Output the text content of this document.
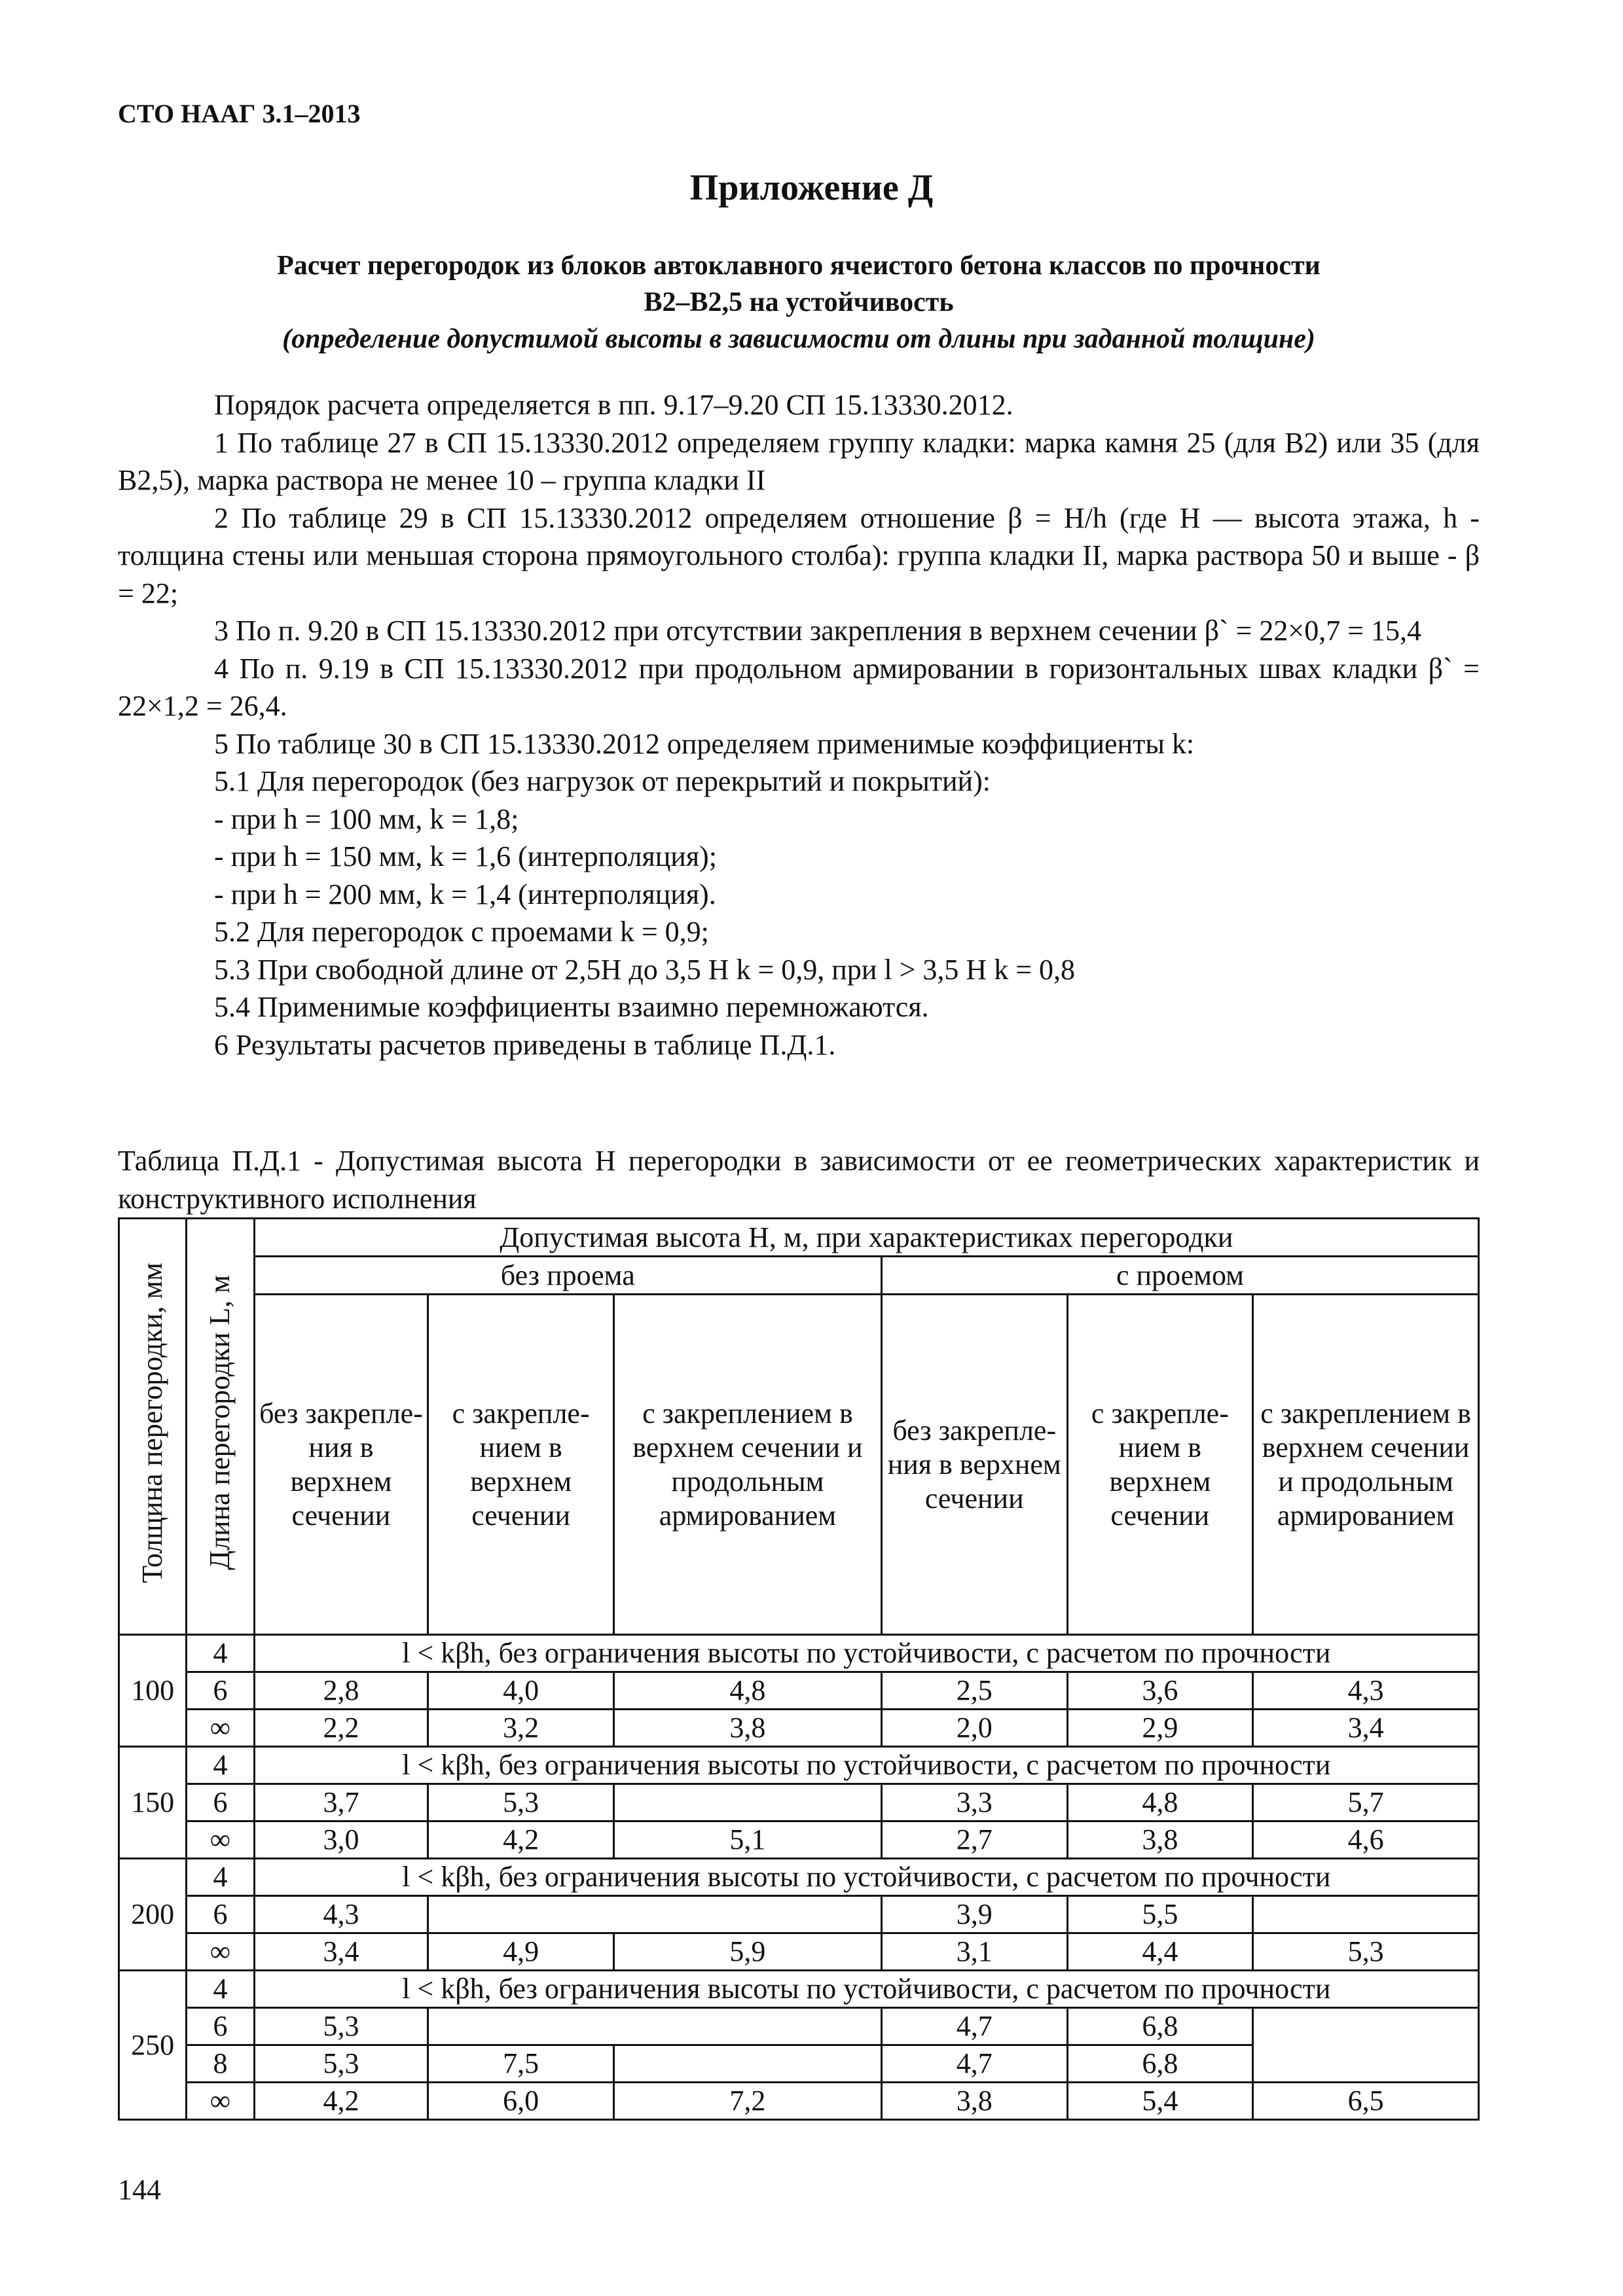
СТО НААГ 3.1–2013
Приложение Д
Расчет перегородок из блоков автоклавного ячеистого бетона классов по прочности
В2–В2,5 на устойчивость
(определение допустимой высоты в зависимости от длины при заданной толщине)

Порядок расчета определяется в пп. 9.17–9.20 СП 15.13330.2012.

1 По таблице 27 в СП 15.13330.2012 определяем группу кладки: марка камня 25 (для В2) или 35 (для В2,5), марка раствора не менее 10 – группа кладки II

2 По таблице 29 в СП 15.13330.2012 определяем отношение β = H/h (где H — высота этажа, h - толщина стены или меньшая сторона прямоугольного столба): группа кладки II, марка раствора 50 и выше - β = 22;

3 По п. 9.20 в СП 15.13330.2012 при отсутствии закрепления в верхнем сечении β` = 22×0,7 = 15,4

4 По п. 9.19 в СП 15.13330.2012 при продольном армировании в горизонтальных швах кладки β` = 22×1,2 = 26,4.

5 По таблице 30 в СП 15.13330.2012 определяем применимые коэффициенты k:

5.1 Для перегородок (без нагрузок от перекрытий и покрытий):

- при h = 100 мм, k = 1,8;

- при h = 150 мм, k = 1,6 (интерполяция);

- при h = 200 мм, k = 1,4 (интерполяция).

5.2 Для перегородок с проемами k = 0,9;

5.3 При свободной длине от 2,5H до 3,5 H k = 0,9, при l > 3,5 H k = 0,8

5.4 Применимые коэффициенты взаимно перемножаются.

6 Результаты расчетов приведены в таблице П.Д.1.

Таблица П.Д.1 - Допустимая высота H перегородки в зависимости от ее геометрических характеристик и конструктивного исполнения
Толщина перегородки, мм	Длина перегородки L, м	Допустимая высота H, м, при характеристиках перегородки					
		без проема			с проемом		
		без закрепле-ния в верхнем сечении	с закрепле-нием в верхнем сечении	с закреплением в верхнем сечении и продольным армированием	без закрепле-ния в верхнем сечении	с закрепле-нием в верхнем сечении	с закреплением в верхнем сечении и продольным армированием
100	4	l < kβh, без ограничения высоты по устойчивости, с расчетом по прочности					
	6	2,8	4,0	4,8	2,5	3,6	4,3
	∞	2,2	3,2	3,8	2,0	2,9	3,4
150	4	l < kβh, без ограничения высоты по устойчивости, с расчетом по прочности					
	6	3,7	5,3		3,3	4,8	5,7
	∞	3,0	4,2	5,1	2,7	3,8	4,6
200	4	l < kβh, без ограничения высоты по устойчивости, с расчетом по прочности					
	6	4,3			3,9	5,5	
	∞	3,4	4,9	5,9	3,1	4,4	5,3
250	4	l < kβh, без ограничения высоты по устойчивости, с расчетом по прочности					
	6	5,3			4,7	6,8	
	8	5,3	7,5		4,7	6,8	
	∞	4,2	6,0	7,2	3,8	5,4	6,5
144
